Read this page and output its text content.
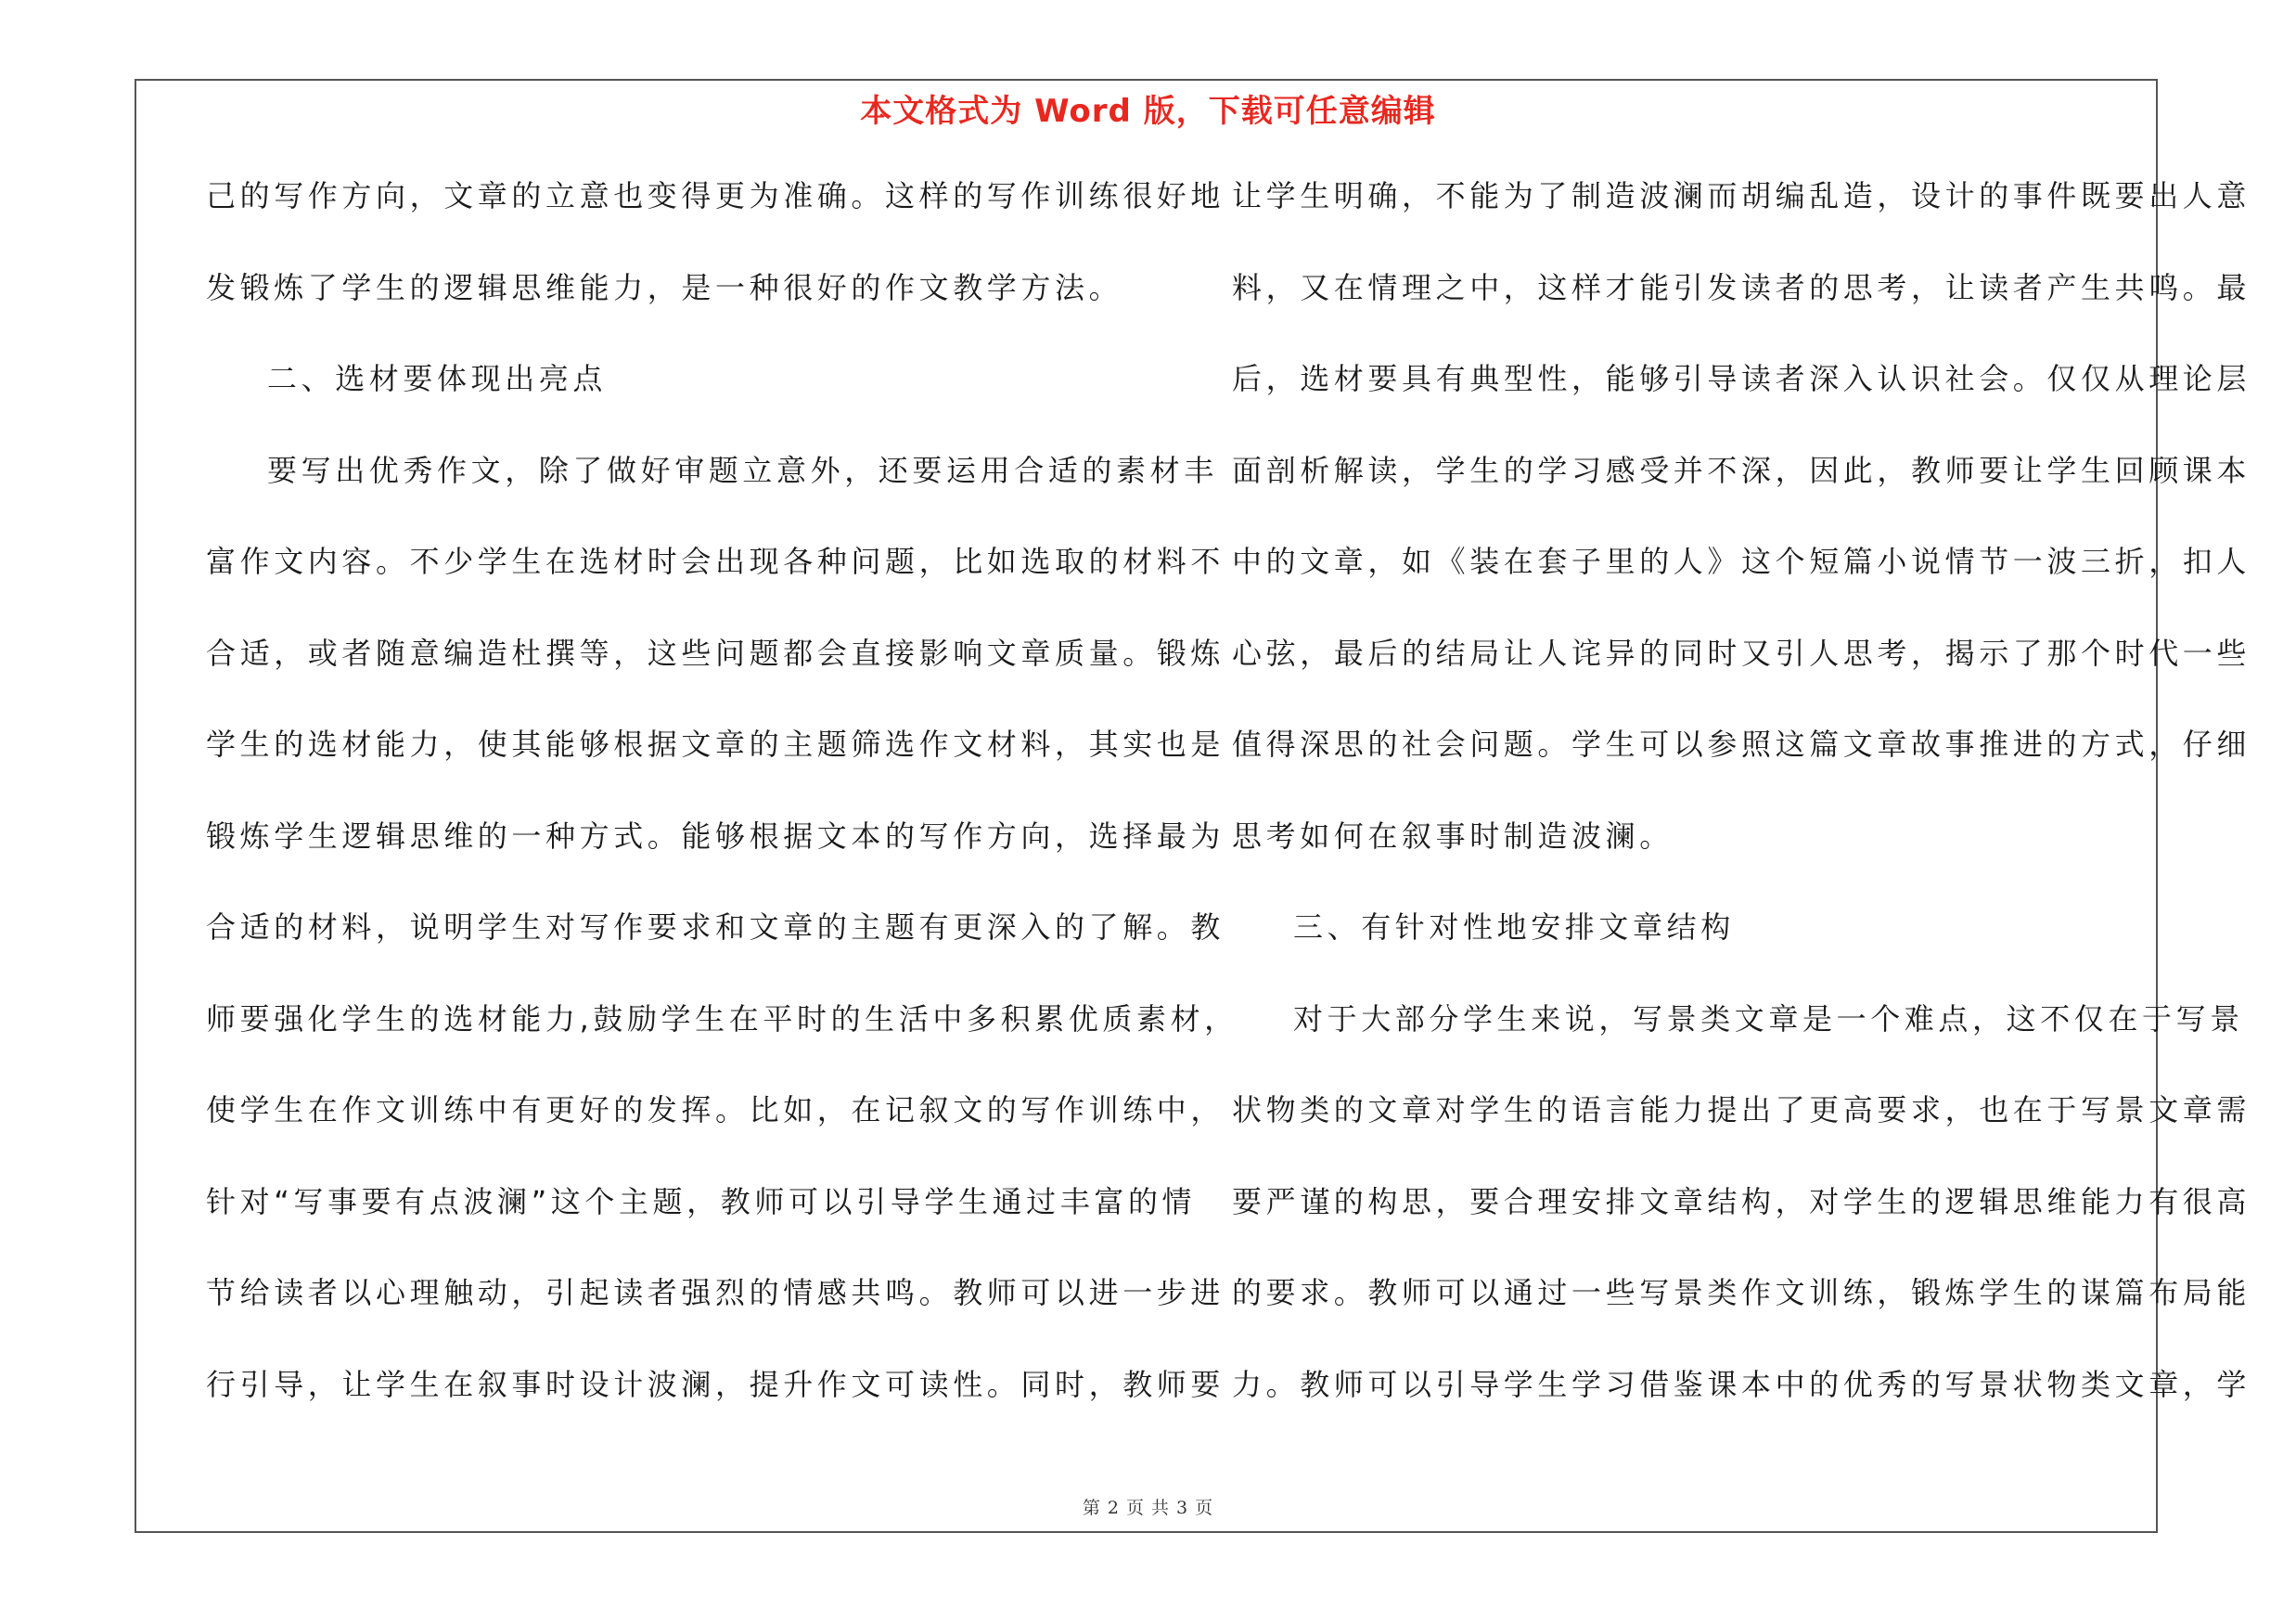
本文格式为 Word 版，下载可任意编辑
己的写作方向，文章的立意也变得更为准确。这样的写作训练很好地
发锻炼了学生的逻辑思维能力，是一种很好的作文教学方法。
二、选材要体现出亮点
要写出优秀作文，除了做好审题立意外，还要运用合适的素材丰
富作文内容。不少学生在选材时会出现各种问题，比如选取的材料不
合适，或者随意编造杜撰等，这些问题都会直接影响文章质量。锻炼
学生的选材能力，使其能够根据文章的主题筛选作文材料，其实也是
锻炼学生逻辑思维的一种方式。能够根据文本的写作方向，选择最为
合适的材料，说明学生对写作要求和文章的主题有更深入的了解。教
师要强化学生的选材能力,鼓励学生在平时的生活中多积累优质素材，
使学生在作文训练中有更好的发挥。比如，在记叙文的写作训练中，
针对“写事要有点波澜”这个主题，教师可以引导学生通过丰富的情
节给读者以心理触动，引起读者强烈的情感共鸣。教师可以进一步进
行引导，让学生在叙事时设计波澜，提升作文可读性。同时，教师要
让学生明确，不能为了制造波澜而胡编乱造，设计的事件既要出人意
料，又在情理之中，这样才能引发读者的思考，让读者产生共鸣。最
后，选材要具有典型性，能够引导读者深入认识社会。仅仅从理论层
面剖析解读，学生的学习感受并不深，因此，教师要让学生回顾课本
中的文章，如《装在套子里的人》这个短篇小说情节一波三折，扣人
心弦，最后的结局让人诧异的同时又引人思考，揭示了那个时代一些
值得深思的社会问题。学生可以参照这篇文章故事推进的方式，仔细
思考如何在叙事时制造波澜。
三、有针对性地安排文章结构
对于大部分学生来说，写景类文章是一个难点，这不仅在于写景
状物类的文章对学生的语言能力提出了更高要求，也在于写景文章需
要严谨的构思，要合理安排文章结构，对学生的逻辑思维能力有很高
的要求。教师可以通过一些写景类作文训练，锻炼学生的谋篇布局能
力。教师可以引导学生学习借鉴课本中的优秀的写景状物类文章，学
第 2 页 共 3 页
